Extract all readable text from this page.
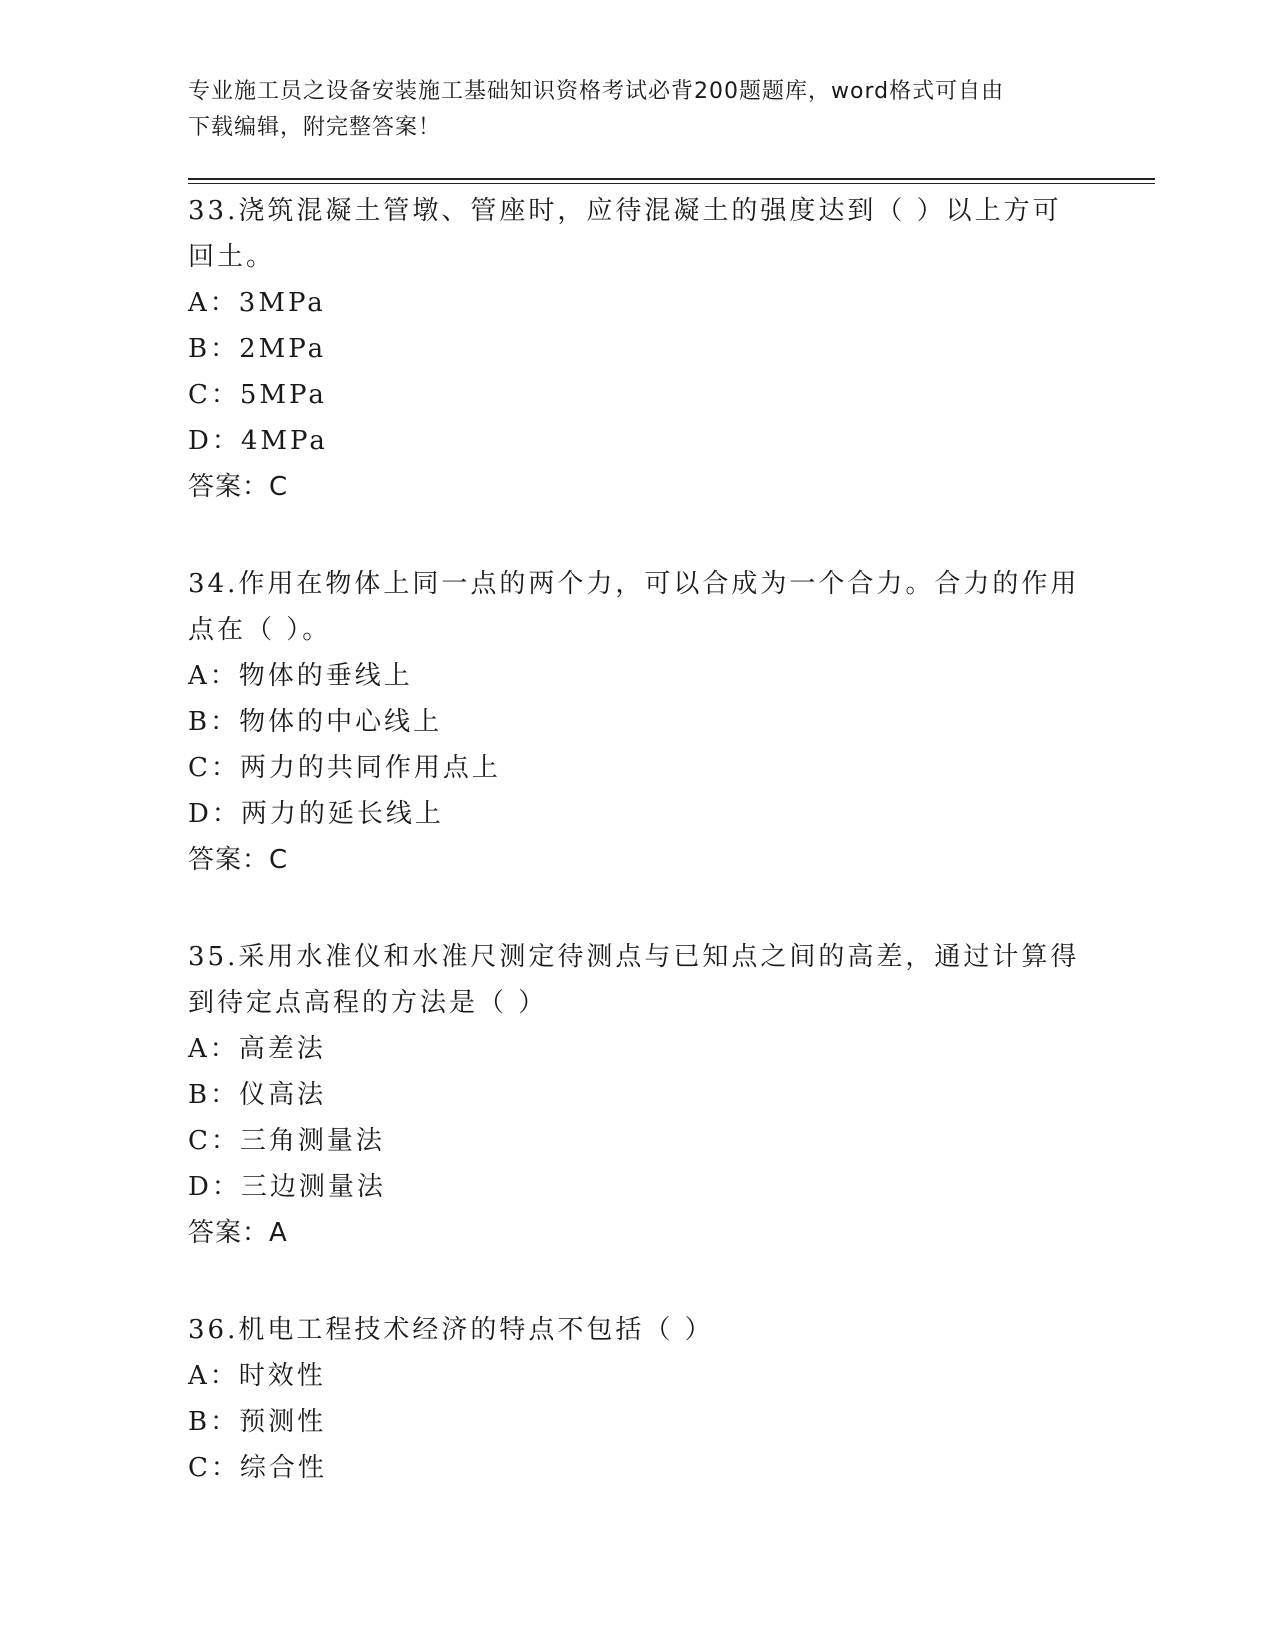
专业施工员之设备安装施工基础知识资格考试必背200题题库，word格式可自由
下载编辑，附完整答案！

33.浇筑混凝土管墩、管座时，应待混凝土的强度达到（ ）以上方可回土。

A：3MPa
B：2MPa
C：5MPa
D：4MPa
答案：C

34.作用在物体上同一点的两个力，可以合成为一个合力。合力的作用点在（ ）。

A：物体的垂线上
B：物体的中心线上
C：两力的共同作用点上
D：两力的延长线上
答案：C

35.采用水准仪和水准尺测定待测点与已知点之间的高差，通过计算得到待定点高程的方法是（ ）

A：高差法
B：仪高法
C：三角测量法
D：三边测量法
答案：A

36.机电工程技术经济的特点不包括（ ）

A：时效性
B：预测性
C：综合性
